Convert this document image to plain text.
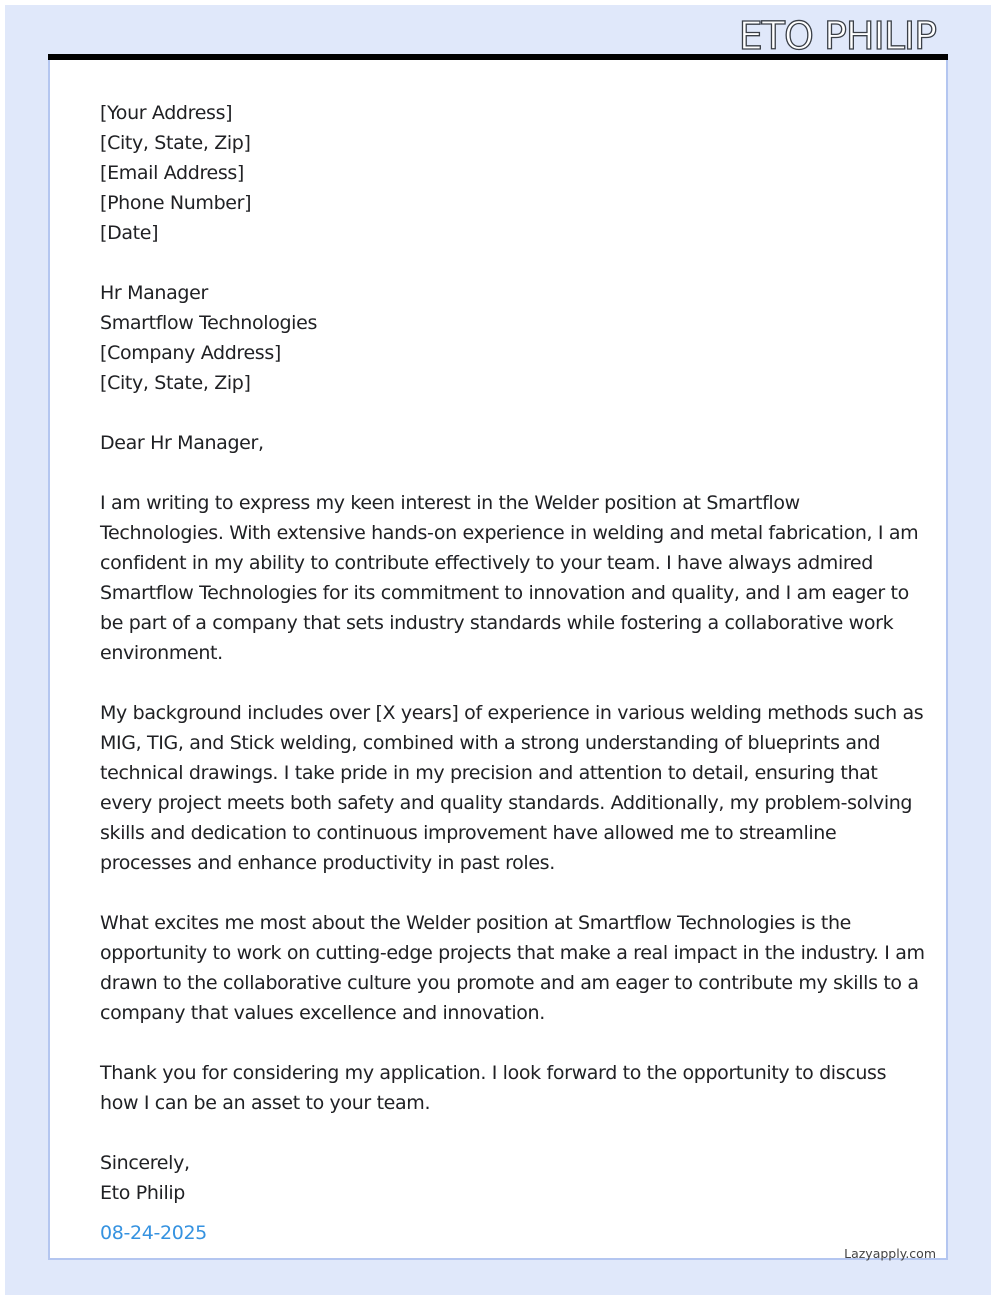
ETO PHILIP
[Your Address]
[City, State, Zip]
[Email Address]
[Phone Number]
[Date]
Hr Manager
Smartflow Technologies
[Company Address]
[City, State, Zip]
Dear Hr Manager,
I am writing to express my keen interest in the Welder position at Smartflow
Technologies. With extensive hands-on experience in welding and metal fabrication, I am
confident in my ability to contribute effectively to your team. I have always admired
Smartflow Technologies for its commitment to innovation and quality, and I am eager to
be part of a company that sets industry standards while fostering a collaborative work
environment.
My background includes over [X years] of experience in various welding methods such as
MIG, TIG, and Stick welding, combined with a strong understanding of blueprints and
technical drawings. I take pride in my precision and attention to detail, ensuring that
every project meets both safety and quality standards. Additionally, my problem-solving
skills and dedication to continuous improvement have allowed me to streamline
processes and enhance productivity in past roles.
What excites me most about the Welder position at Smartflow Technologies is the
opportunity to work on cutting-edge projects that make a real impact in the industry. I am
drawn to the collaborative culture you promote and am eager to contribute my skills to a
company that values excellence and innovation.
Thank you for considering my application. I look forward to the opportunity to discuss
how I can be an asset to your team.
Sincerely,
Eto Philip
08-24-2025
Lazyapply.com
